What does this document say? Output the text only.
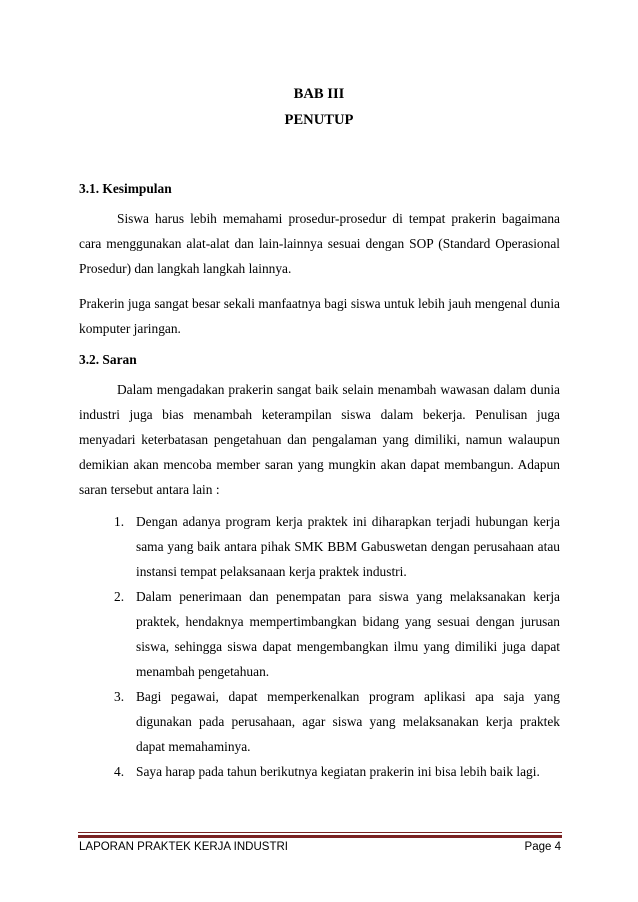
BAB III
PENUTUP
3.1. Kesimpulan

Siswa harus lebih memahami prosedur-prosedur di tempat prakerin bagaimana cara menggunakan alat-alat dan lain-lainnya sesuai dengan SOP (Standard Operasional Prosedur) dan langkah langkah lainnya.

Prakerin juga sangat besar sekali manfaatnya bagi siswa untuk lebih jauh mengenal dunia komputer jaringan.

3.2. Saran

Dalam mengadakan prakerin sangat baik selain menambah wawasan dalam dunia industri juga bias menambah keterampilan siswa dalam bekerja. Penulisan juga menyadari keterbatasan pengetahuan dan pengalaman yang dimiliki, namun walaupun demikian akan mencoba member saran yang mungkin akan dapat membangun. Adapun saran tersebut antara lain :

1. Dengan adanya program kerja praktek ini diharapkan terjadi hubungan kerja sama yang baik antara pihak SMK BBM Gabuswetan dengan perusahaan atau instansi tempat pelaksanaan kerja praktek industri.
2. Dalam penerimaan dan penempatan para siswa yang melaksanakan kerja praktek, hendaknya mempertimbangkan bidang yang sesuai dengan jurusan siswa, sehingga siswa dapat mengembangkan ilmu yang dimiliki juga dapat menambah pengetahuan.
3. Bagi pegawai, dapat memperkenalkan program aplikasi apa saja yang digunakan pada perusahaan, agar siswa yang melaksanakan kerja praktek dapat memahaminya.
4. Saya harap pada tahun berikutnya kegiatan prakerin ini bisa lebih baik lagi.
LAPORAN PRAKTEK KERJA INDUSTRI	Page 4
